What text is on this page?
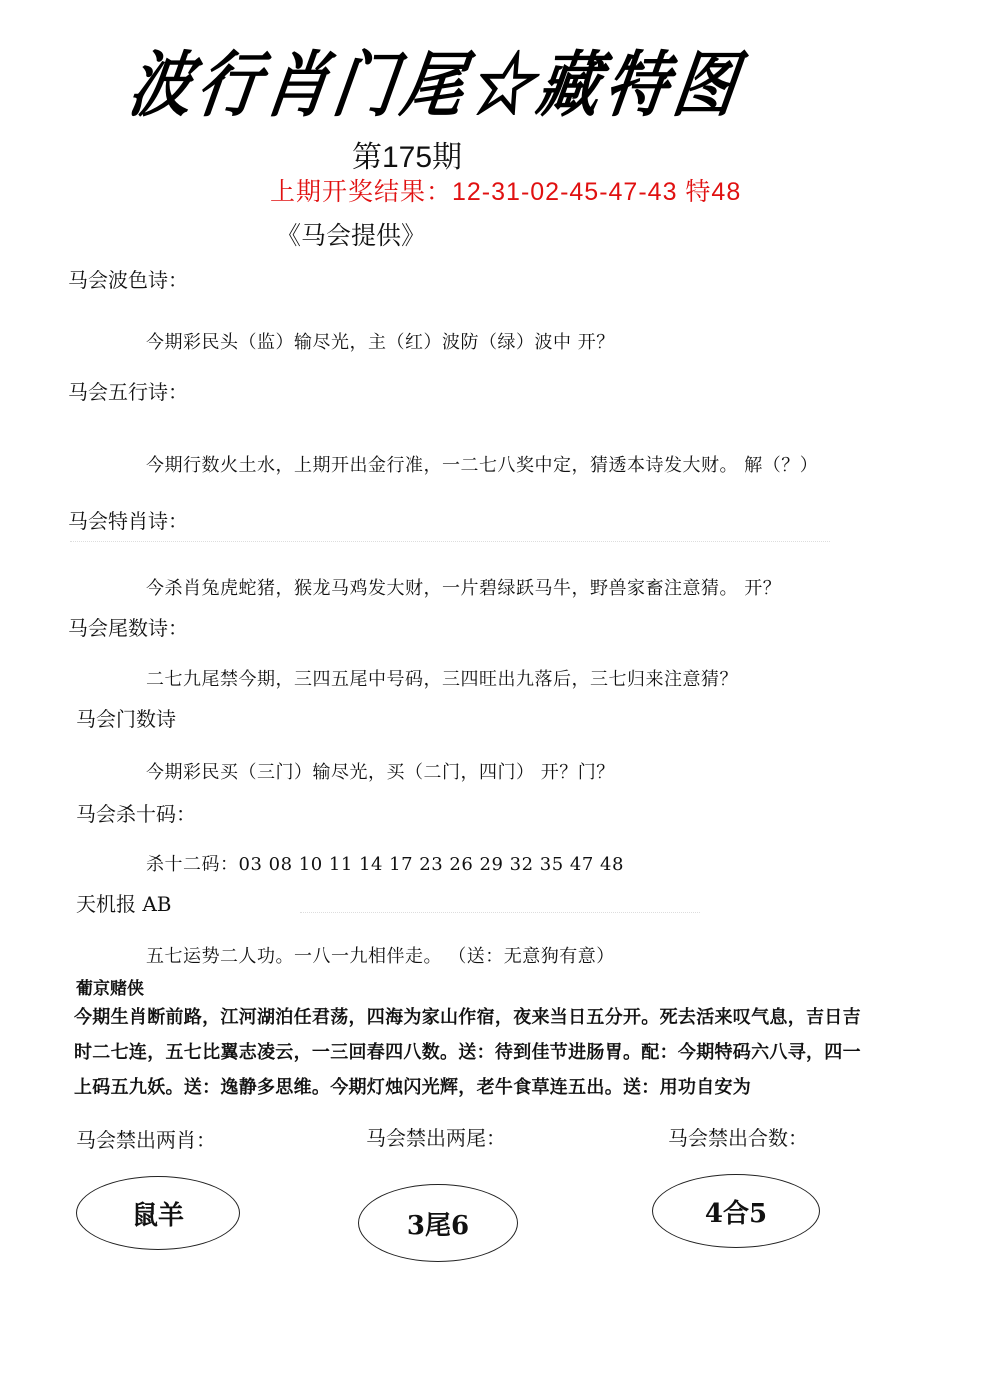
波行肖门尾☆藏特图
第175期
上期开奖结果：12-31-02-45-47-43 特48
《马会提供》
马会波色诗：
今期彩民头（监）输尽光，主（红）波防（绿）波中 开？
马会五行诗：
今期行数火土水，上期开出金行准，一二七八奖中定，猜透本诗发大财。 解（？）
马会特肖诗：
今杀肖兔虎蛇猪，猴龙马鸡发大财，一片碧绿跃马牛，野兽家畜注意猜。 开？
马会尾数诗：
二七九尾禁今期，三四五尾中号码，三四旺出九落后，三七归来注意猜？
马会门数诗
今期彩民买（三门）输尽光，买（二门，四门） 开？门？
马会杀十码：
杀十二码：03 08 10 11 14 17 23 26 29 32 35 47 48
天机报 AB
五七运势二人功。一八一九相伴走。 （送：无意狗有意）
葡京赌侠
今期生肖断前路，江河湖泊任君荡，四海为家山作宿，夜来当日五分开。死去活来叹气息，吉日吉时二七连，五七比翼志凌云，一三回春四八数。送：待到佳节进肠胃。配：今期特码六八寻，四一上码五九妖。送：逸静多思维。今期灯烛闪光辉，老牛食草连五出。送：用功自安为
马会禁出两肖：	马会禁出两尾：	马会禁出合数：
鼠羊	3尾6	4合5
